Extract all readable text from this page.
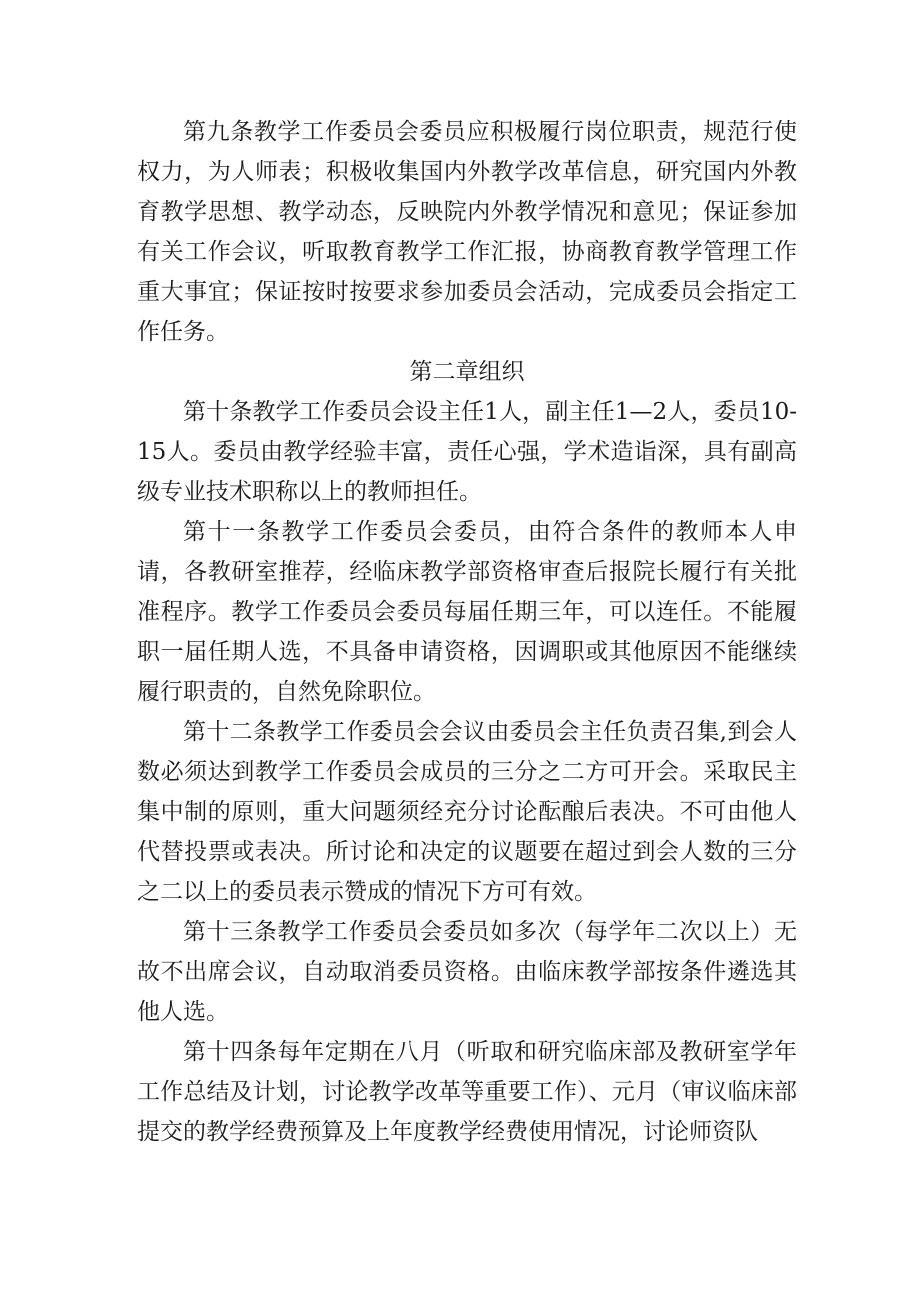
第九条教学工作委员会委员应积极履行岗位职责，规范行使权力，为人师表；积极收集国内外教学改革信息，研究国内外教育教学思想、教学动态，反映院内外教学情况和意见；保证参加有关工作会议，听取教育教学工作汇报，协商教育教学管理工作重大事宜；保证按时按要求参加委员会活动，完成委员会指定工作任务。

第二章组织

第十条教学工作委员会设主任1人，副主任1—2人，委员10-15人。委员由教学经验丰富，责任心强，学术造诣深，具有副高级专业技术职称以上的教师担任。

第十一条教学工作委员会委员，由符合条件的教师本人申请，各教研室推荐，经临床教学部资格审查后报院长履行有关批准程序。教学工作委员会委员每届任期三年，可以连任。不能履职一届任期人选，不具备申请资格，因调职或其他原因不能继续履行职责的，自然免除职位。

第十二条教学工作委员会会议由委员会主任负责召集,到会人数必须达到教学工作委员会成员的三分之二方可开会。采取民主集中制的原则，重大问题须经充分讨论酝酿后表决。不可由他人代替投票或表决。所讨论和决定的议题要在超过到会人数的三分之二以上的委员表示赞成的情况下方可有效。

第十三条教学工作委员会委员如多次（每学年二次以上）无故不出席会议，自动取消委员资格。由临床教学部按条件遴选其他人选。

第十四条每年定期在八月（听取和研究临床部及教研室学年工作总结及计划，讨论教学改革等重要工作）、元月（审议临床部提交的教学经费预算及上年度教学经费使用情况，讨论师资队
